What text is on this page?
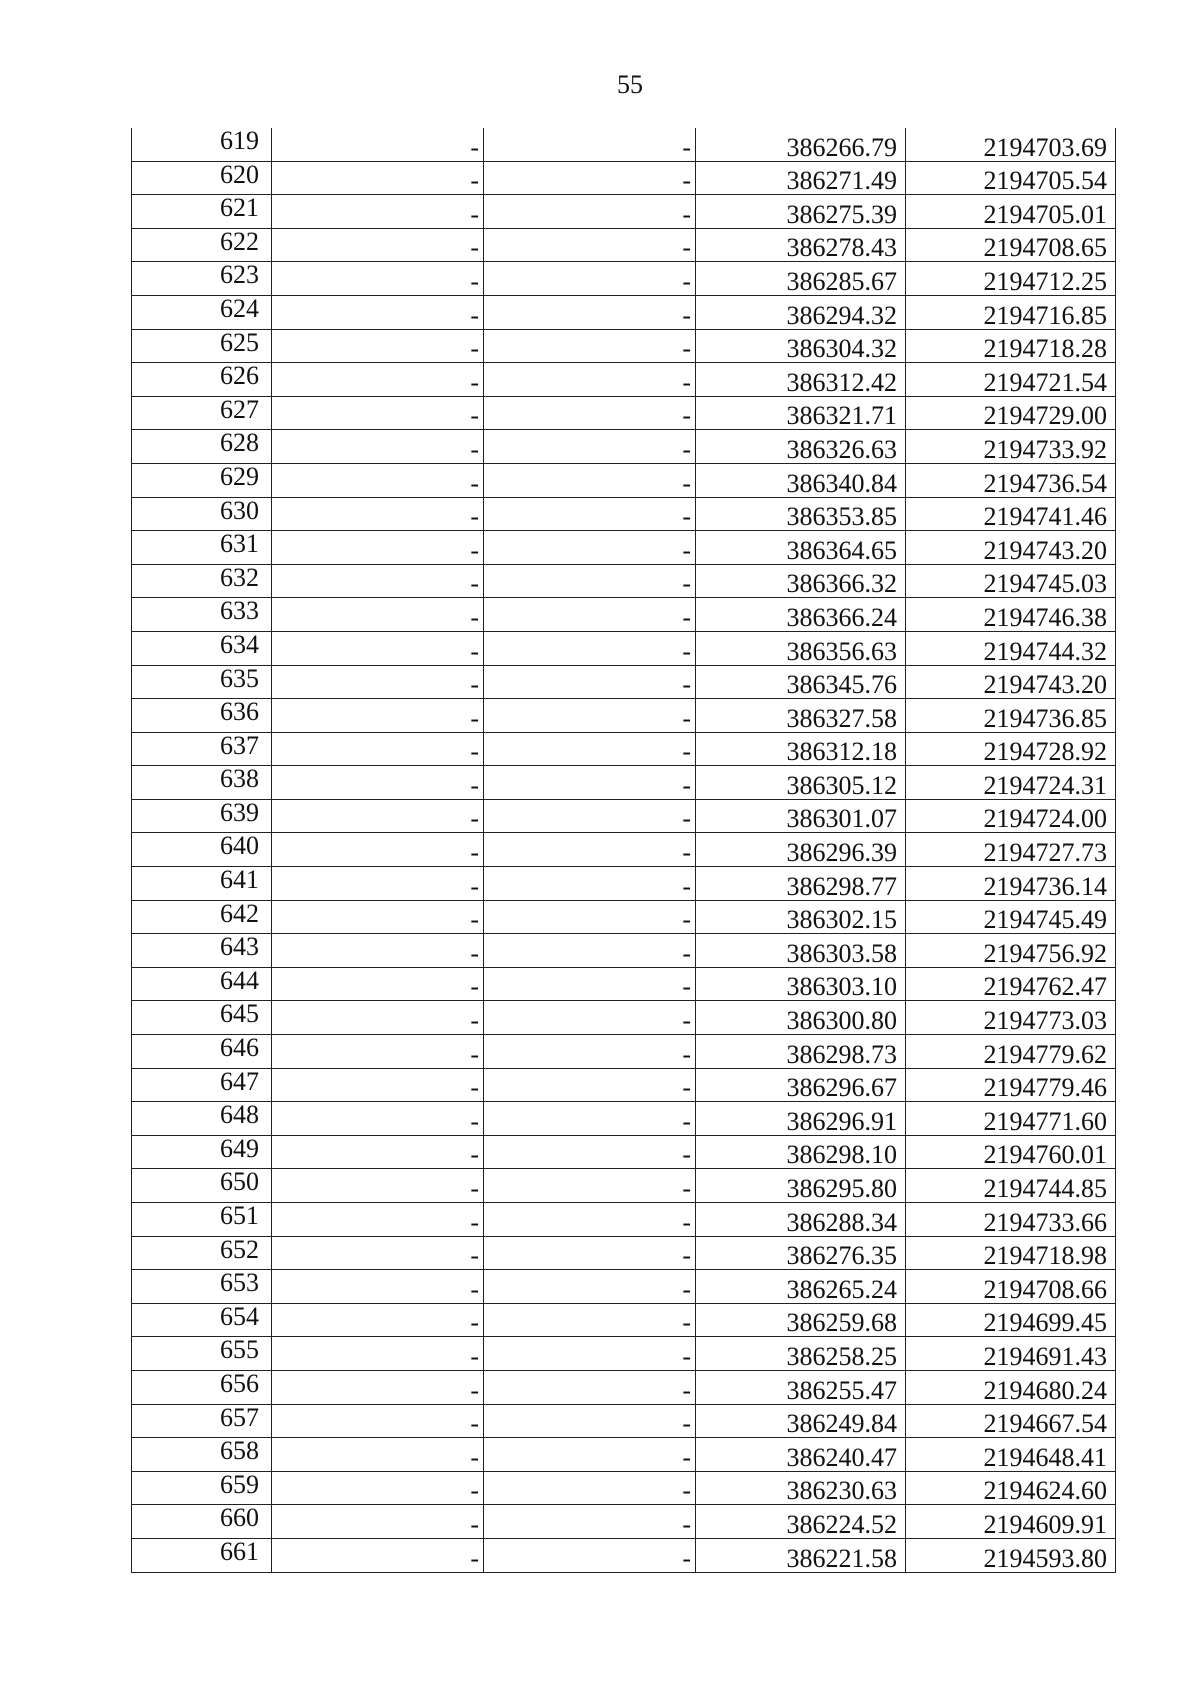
55
619	-	-	386266.79	2194703.69
620	-	-	386271.49	2194705.54
621	-	-	386275.39	2194705.01
622	-	-	386278.43	2194708.65
623	-	-	386285.67	2194712.25
624	-	-	386294.32	2194716.85
625	-	-	386304.32	2194718.28
626	-	-	386312.42	2194721.54
627	-	-	386321.71	2194729.00
628	-	-	386326.63	2194733.92
629	-	-	386340.84	2194736.54
630	-	-	386353.85	2194741.46
631	-	-	386364.65	2194743.20
632	-	-	386366.32	2194745.03
633	-	-	386366.24	2194746.38
634	-	-	386356.63	2194744.32
635	-	-	386345.76	2194743.20
636	-	-	386327.58	2194736.85
637	-	-	386312.18	2194728.92
638	-	-	386305.12	2194724.31
639	-	-	386301.07	2194724.00
640	-	-	386296.39	2194727.73
641	-	-	386298.77	2194736.14
642	-	-	386302.15	2194745.49
643	-	-	386303.58	2194756.92
644	-	-	386303.10	2194762.47
645	-	-	386300.80	2194773.03
646	-	-	386298.73	2194779.62
647	-	-	386296.67	2194779.46
648	-	-	386296.91	2194771.60
649	-	-	386298.10	2194760.01
650	-	-	386295.80	2194744.85
651	-	-	386288.34	2194733.66
652	-	-	386276.35	2194718.98
653	-	-	386265.24	2194708.66
654	-	-	386259.68	2194699.45
655	-	-	386258.25	2194691.43
656	-	-	386255.47	2194680.24
657	-	-	386249.84	2194667.54
658	-	-	386240.47	2194648.41
659	-	-	386230.63	2194624.60
660	-	-	386224.52	2194609.91
661	-	-	386221.58	2194593.80
